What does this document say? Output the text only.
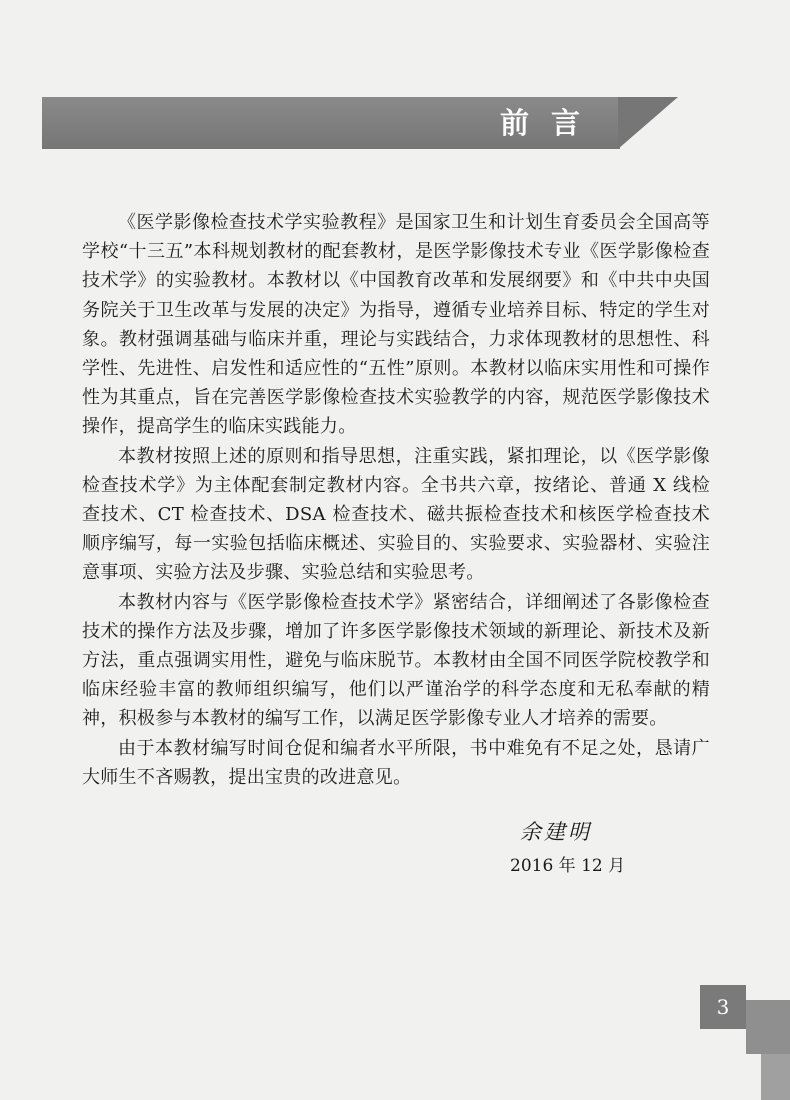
前言

《医学影像检查技术学实验教程》是国家卫生和计划生育委员会全国高等学校“十三五”本科规划教材的配套教材，是医学影像技术专业《医学影像检查技术学》的实验教材。本教材以《中国教育改革和发展纲要》和《中共中央国务院关于卫生改革与发展的决定》为指导，遵循专业培养目标、特定的学生对象。教材强调基础与临床并重，理论与实践结合，力求体现教材的思想性、科学性、先进性、启发性和适应性的“五性”原则。本教材以临床实用性和可操作性为其重点，旨在完善医学影像检查技术实验教学的内容，规范医学影像技术操作，提高学生的临床实践能力。

本教材按照上述的原则和指导思想，注重实践，紧扣理论，以《医学影像检查技术学》为主体配套制定教材内容。全书共六章，按绪论、普通 X 线检查技术、CT 检查技术、DSA 检查技术、磁共振检查技术和核医学检查技术顺序编写，每一实验包括临床概述、实验目的、实验要求、实验器材、实验注意事项、实验方法及步骤、实验总结和实验思考。

本教材内容与《医学影像检查技术学》紧密结合，详细阐述了各影像检查技术的操作方法及步骤，增加了许多医学影像技术领域的新理论、新技术及新方法，重点强调实用性，避免与临床脱节。本教材由全国不同医学院校教学和临床经验丰富的教师组织编写，他们以严谨治学的科学态度和无私奉献的精神，积极参与本教材的编写工作，以满足医学影像专业人才培养的需要。

由于本教材编写时间仓促和编者水平所限，书中难免有不足之处，恳请广大师生不吝赐教，提出宝贵的改进意见。

余建明
2016 年 12 月
3
